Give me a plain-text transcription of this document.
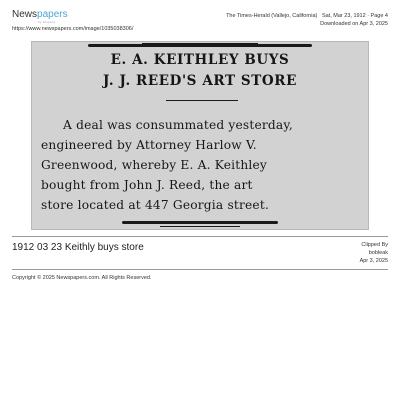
Newspapers
by ancestry
https://www.newspapers.com/image/1035038306/
The Times-Herald (Vallejo, California) Sat, Mar 23, 1912 · Page 4
Downloaded on Apr 3, 2025
E. A. KEITHLEY BUYS
J. J. REED'S ART STORE
A deal was consummated yesterday,
engineered by Attorney Harlow V.
Greenwood, whereby E. A. Keithley
bought from John J. Reed, the art
store located at 447 Georgia street.
1912 03 23 Keithly buys store	Clipped By
bobleak
Apr 3, 2025
Copyright © 2025 Newspapers.com. All Rights Reserved.
